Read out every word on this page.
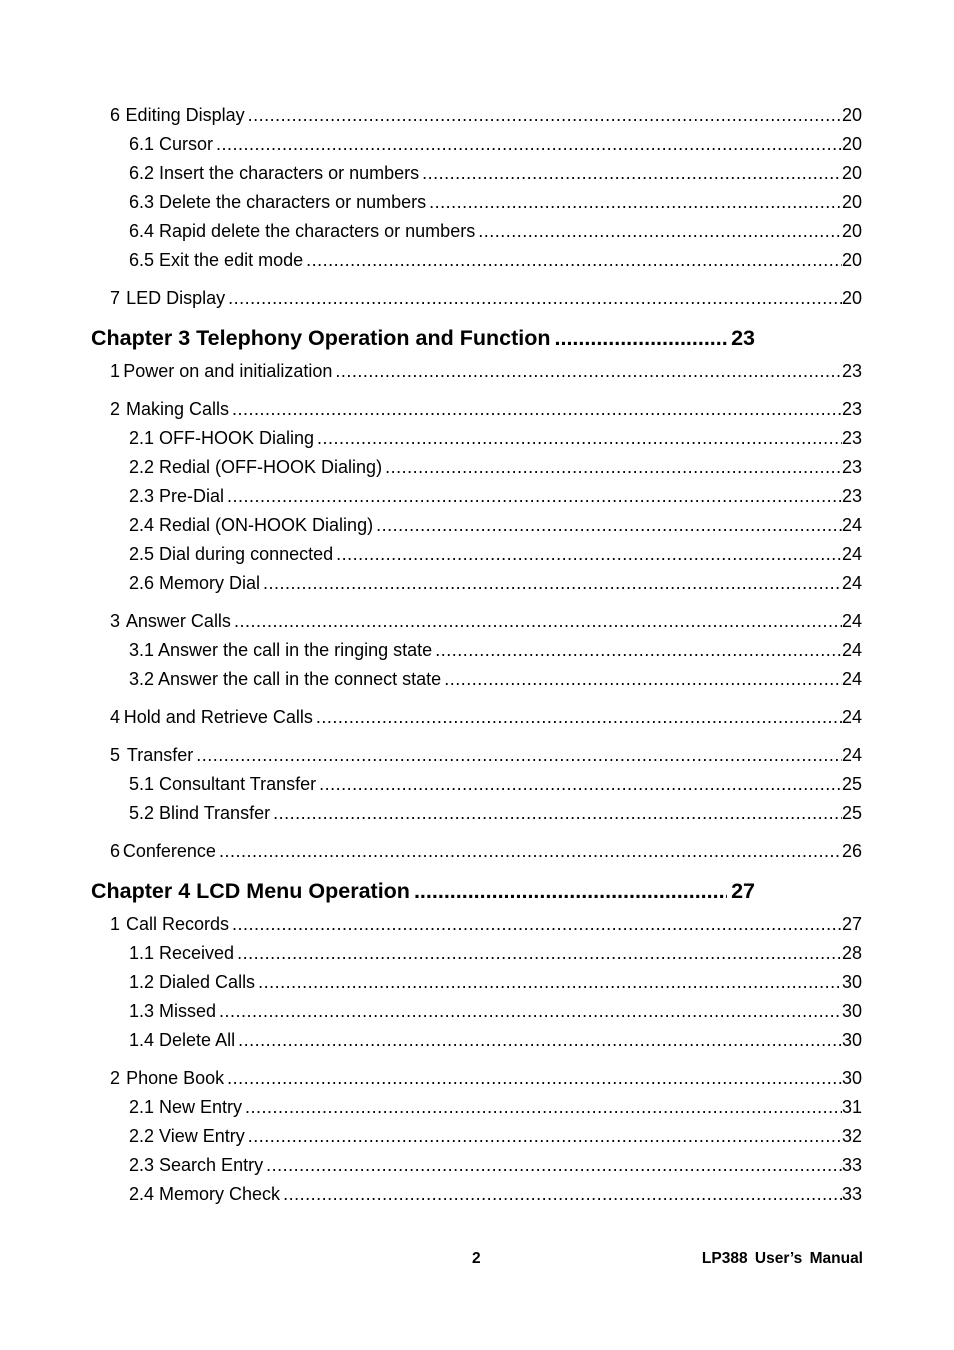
6 Editing Display .....	20
6.1 Cursor .....	20
6.2 Insert the characters or numbers .....	20
6.3 Delete the characters or numbers .....	20
6.4 Rapid delete the characters or numbers .....	20
6.5 Exit the edit mode .....	20
7 LED Display .....	20
Chapter 3 Telephony Operation and Function .....	23
1 Power on and initialization .....	23
2 Making Calls .....	23
2.1 OFF-HOOK Dialing .....	23
2.2 Redial (OFF-HOOK Dialing) .....	23
2.3 Pre-Dial .....	23
2.4 Redial (ON-HOOK Dialing) .....	24
2.5 Dial during connected .....	24
2.6 Memory Dial .....	24
3 Answer Calls .....	24
3.1 Answer the call in the ringing state .....	24
3.2 Answer the call in the connect state .....	24
4 Hold and Retrieve Calls .....	24
5 Transfer .....	24
5.1 Consultant Transfer .....	25
5.2 Blind Transfer .....	25
6 Conference .....	26
Chapter 4 LCD Menu Operation .....	27
1 Call Records .....	27
1.1 Received .....	28
1.2 Dialed Calls .....	30
1.3 Missed .....	30
1.4 Delete All .....	30
2 Phone Book .....	30
2.1 New Entry .....	31
2.2 View Entry .....	32
2.3 Search Entry .....	33
2.4 Memory Check .....	33
2	LP388 User’s Manual
